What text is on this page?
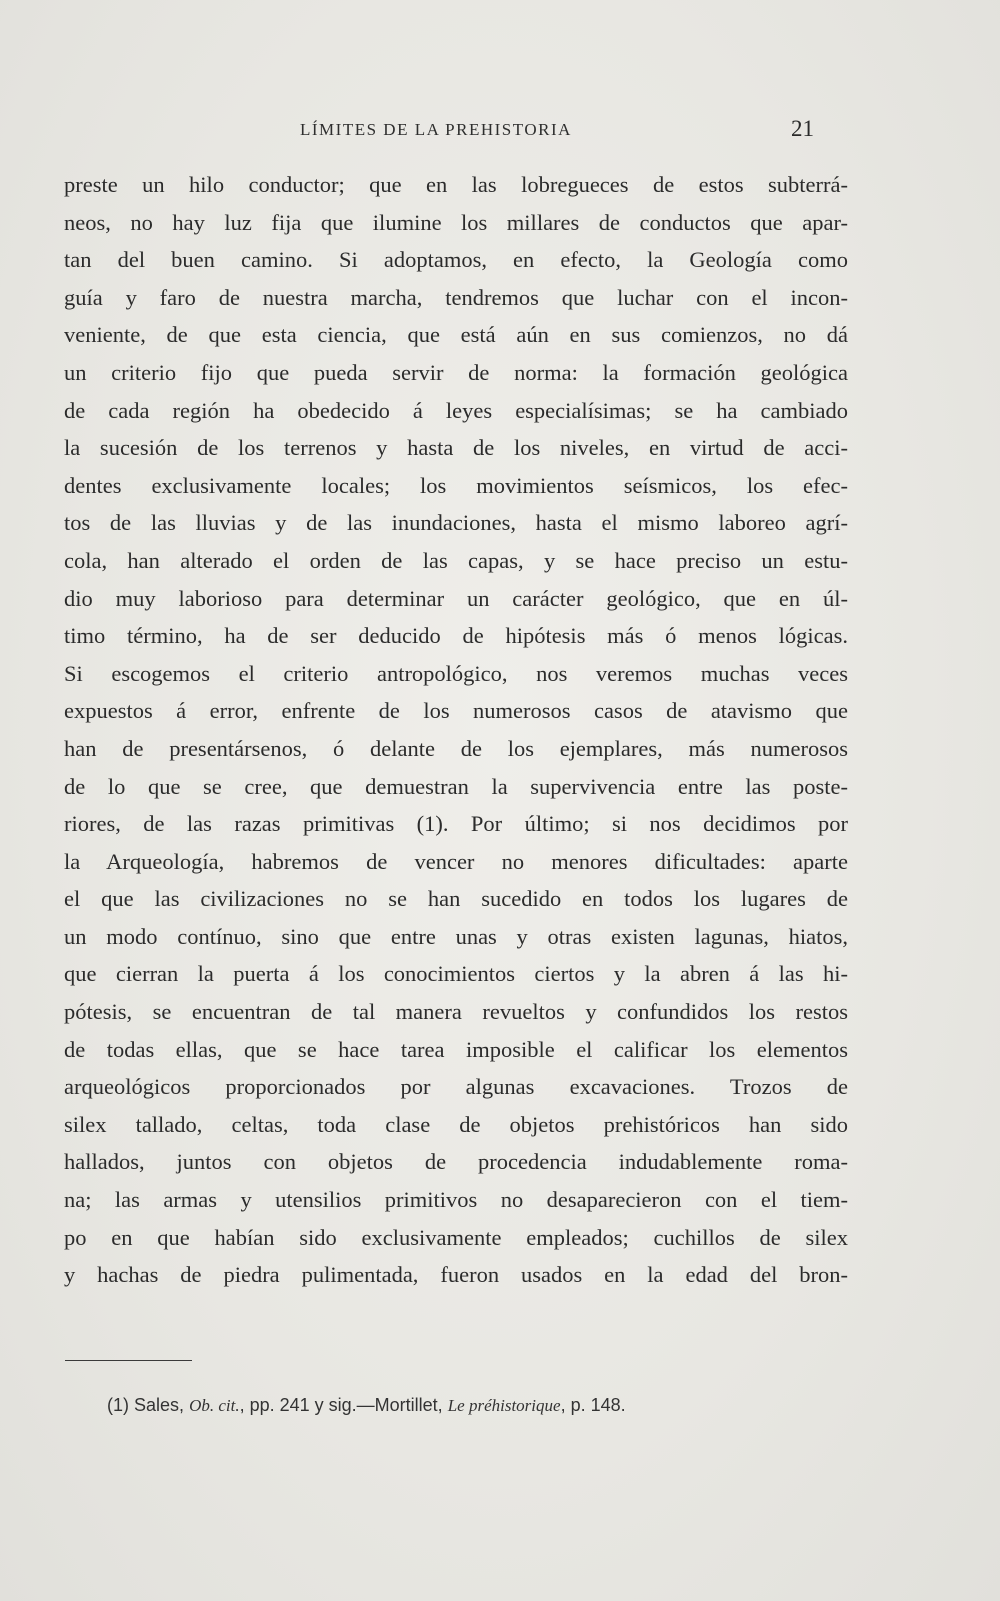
LÍMITES DE LA PREHISTORIA	21
preste un hilo conductor; que en las lobregueces de estos subterrá-
neos, no hay luz fija que ilumine los millares de conductos que apar-
tan del buen camino. Si adoptamos, en efecto, la Geología como
guía y faro de nuestra marcha, tendremos que luchar con el incon-
veniente, de que esta ciencia, que está aún en sus comienzos, no dá
un criterio fijo que pueda servir de norma: la formación geológica
de cada región ha obedecido á leyes especialísimas; se ha cambiado
la sucesión de los terrenos y hasta de los niveles, en virtud de acci-
dentes exclusivamente locales; los movimientos seísmicos, los efec-
tos de las lluvias y de las inundaciones, hasta el mismo laboreo agrí-
cola, han alterado el orden de las capas, y se hace preciso un estu-
dio muy laborioso para determinar un carácter geológico, que en úl-
timo término, ha de ser deducido de hipótesis más ó menos lógicas.
Si escogemos el criterio antropológico, nos veremos muchas veces
expuestos á error, enfrente de los numerosos casos de atavismo que
han de presentársenos, ó delante de los ejemplares, más numerosos
de lo que se cree, que demuestran la supervivencia entre las poste-
riores, de las razas primitivas (1). Por último; si nos decidimos por
la Arqueología, habremos de vencer no menores dificultades: aparte
el que las civilizaciones no se han sucedido en todos los lugares de
un modo contínuo, sino que entre unas y otras existen lagunas, hiatos,
que cierran la puerta á los conocimientos ciertos y la abren á las hi-
pótesis, se encuentran de tal manera revueltos y confundidos los restos
de todas ellas, que se hace tarea imposible el calificar los elementos
arqueológicos proporcionados por algunas excavaciones. Trozos de
silex tallado, celtas, toda clase de objetos prehistóricos han sido
hallados, juntos con objetos de procedencia indudablemente roma-
na; las armas y utensilios primitivos no desaparecieron con el tiem-
po en que habían sido exclusivamente empleados; cuchillos de silex
y hachas de piedra pulimentada, fueron usados en la edad del bron-
(1) Sales, Ob. cit., pp. 241 y sig.—Mortillet, Le préhistorique, p. 148.
